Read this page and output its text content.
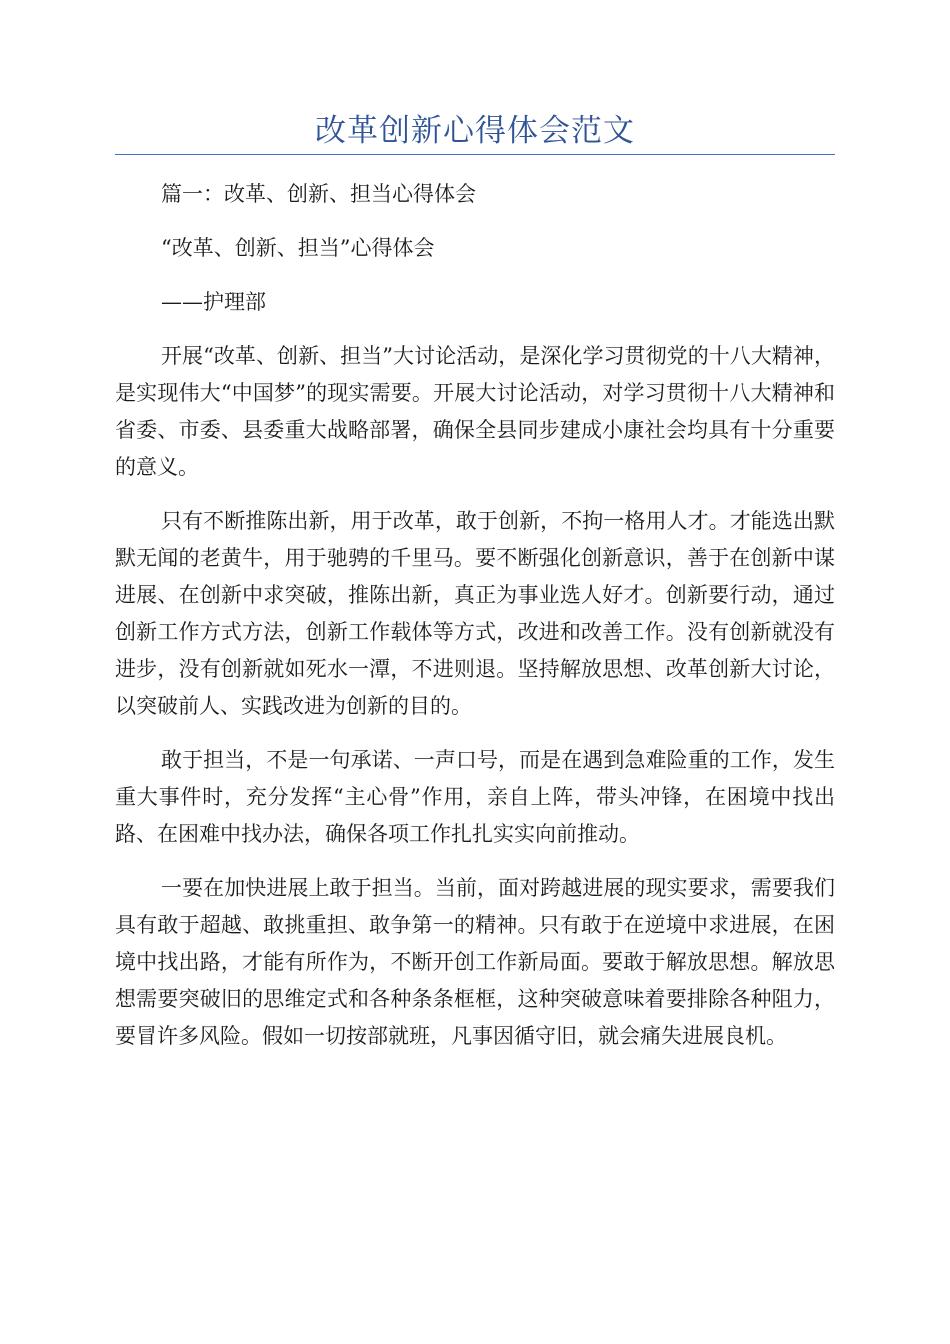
改革创新心得体会范文

篇一：改革、创新、担当心得体会

“改革、创新、担当”心得体会

——护理部

开展“改革、创新、担当”大讨论活动，是深化学习贯彻党的十八大精神，是实现伟大“中国梦”的现实需要。开展大讨论活动，对学习贯彻十八大精神和省委、市委、县委重大战略部署，确保全县同步建成小康社会均具有十分重要的意义。

只有不断推陈出新，用于改革，敢于创新，不拘一格用人才。才能选出默默无闻的老黄牛，用于驰骋的千里马。要不断强化创新意识，善于在创新中谋进展、在创新中求突破，推陈出新，真正为事业选人好才。创新要行动，通过创新工作方式方法，创新工作载体等方式，改进和改善工作。没有创新就没有进步，没有创新就如死水一潭，不进则退。坚持解放思想、改革创新大讨论，以突破前人、实践改进为创新的目的。

敢于担当，不是一句承诺、一声口号，而是在遇到急难险重的工作，发生重大事件时，充分发挥“主心骨”作用，亲自上阵，带头冲锋，在困境中找出路、在困难中找办法，确保各项工作扎扎实实向前推动。

一要在加快进展上敢于担当。当前，面对跨越进展的现实要求，需要我们具有敢于超越、敢挑重担、敢争第一的精神。只有敢于在逆境中求进展，在困境中找出路，才能有所作为，不断开创工作新局面。要敢于解放思想。解放思想需要突破旧的思维定式和各种条条框框，这种突破意味着要排除各种阻力，要冒许多风险。假如一切按部就班，凡事因循守旧，就会痛失进展良机。
